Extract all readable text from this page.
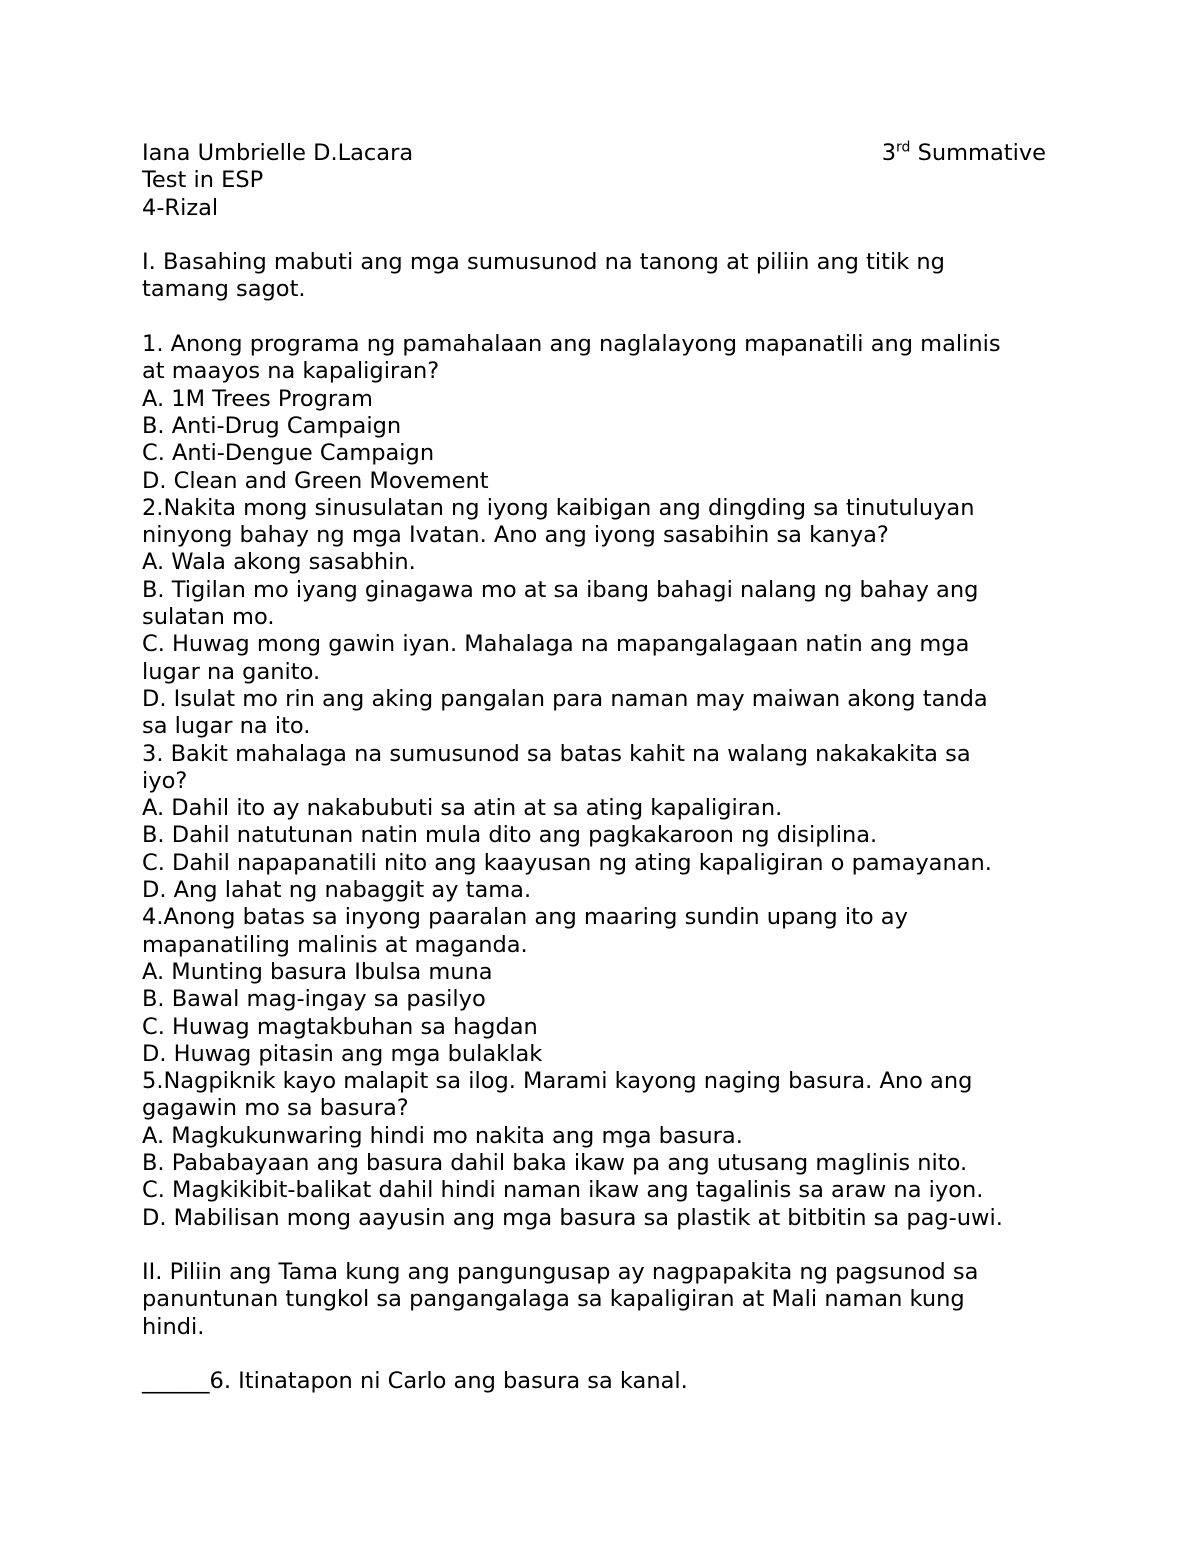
Iana Umbrielle D.Lacara	3rd Summative
Test in ESP
4-Rizal
I. Basahing mabuti ang mga sumusunod na tanong at piliin ang titik ng
tamang sagot.
1. Anong programa ng pamahalaan ang naglalayong mapanatili ang malinis
at maayos na kapaligiran?
A. 1M Trees Program
B. Anti-Drug Campaign
C. Anti-Dengue Campaign
D. Clean and Green Movement
2.Nakita mong sinusulatan ng iyong kaibigan ang dingding sa tinutuluyan
ninyong bahay ng mga Ivatan. Ano ang iyong sasabihin sa kanya?
A. Wala akong sasabhin.
B. Tigilan mo iyang ginagawa mo at sa ibang bahagi nalang ng bahay ang
sulatan mo.
C. Huwag mong gawin iyan. Mahalaga na mapangalagaan natin ang mga
lugar na ganito.
D. Isulat mo rin ang aking pangalan para naman may maiwan akong tanda
sa lugar na ito.
3. Bakit mahalaga na sumusunod sa batas kahit na walang nakakakita sa
iyo?
A. Dahil ito ay nakabubuti sa atin at sa ating kapaligiran.
B. Dahil natutunan natin mula dito ang pagkakaroon ng disiplina.
C. Dahil napapanatili nito ang kaayusan ng ating kapaligiran o pamayanan.
D. Ang lahat ng nabaggit ay tama.
4.Anong batas sa inyong paaralan ang maaring sundin upang ito ay
mapanatiling malinis at maganda.
A. Munting basura Ibulsa muna
B. Bawal mag-ingay sa pasilyo
C. Huwag magtakbuhan sa hagdan
D. Huwag pitasin ang mga bulaklak
5.Nagpiknik kayo malapit sa ilog. Marami kayong naging basura. Ano ang
gagawin mo sa basura?
A. Magkukunwaring hindi mo nakita ang mga basura.
B. Pababayaan ang basura dahil baka ikaw pa ang utusang maglinis nito.
C. Magkikibit-balikat dahil hindi naman ikaw ang tagalinis sa araw na iyon.
D. Mabilisan mong aayusin ang mga basura sa plastik at bitbitin sa pag-uwi.
II. Piliin ang Tama kung ang pangungusap ay nagpapakita ng pagsunod sa
panuntunan tungkol sa pangangalaga sa kapaligiran at Mali naman kung
hindi.
______6. Itinatapon ni Carlo ang basura sa kanal.
